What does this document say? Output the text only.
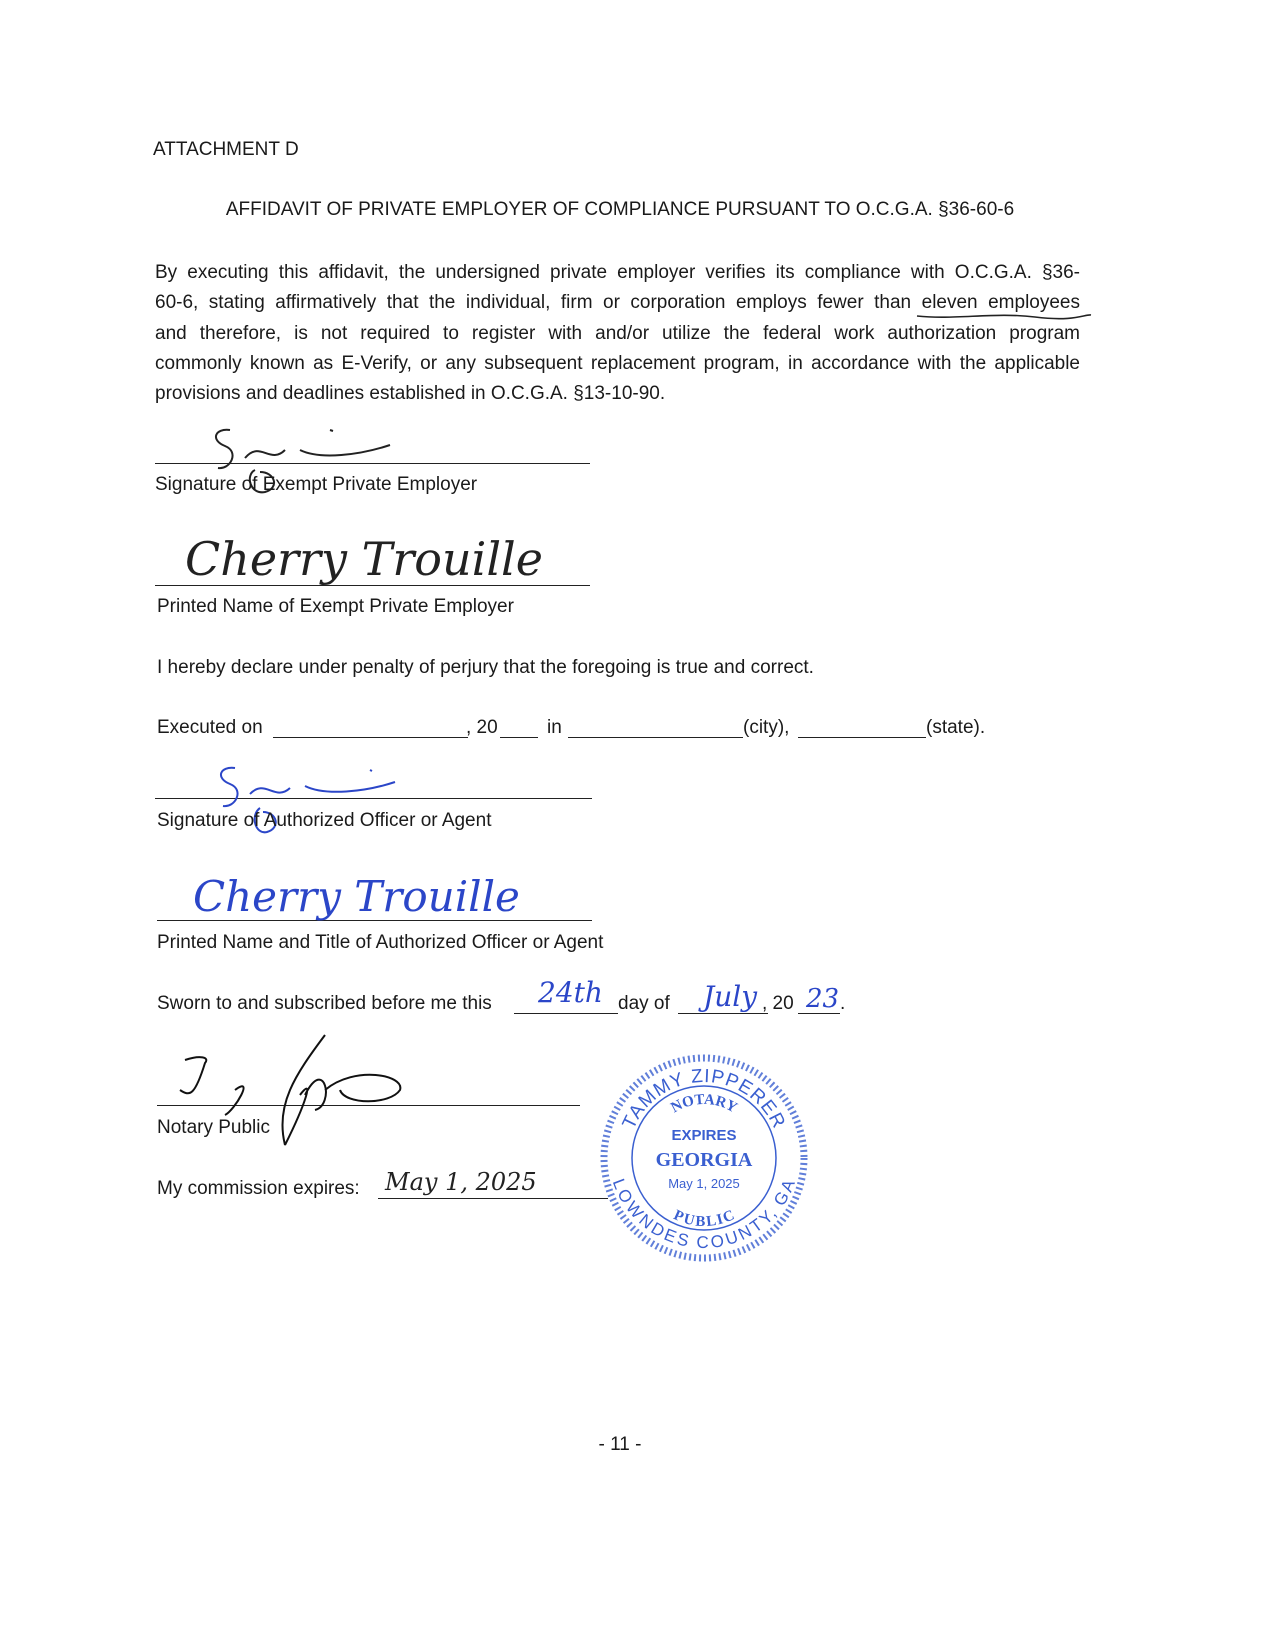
ATTACHMENT D
AFFIDAVIT OF PRIVATE EMPLOYER OF COMPLIANCE PURSUANT TO O.C.G.A. §36-60-6
By executing this affidavit, the undersigned private employer verifies its compliance with O.C.G.A. §36-
60-6, stating affirmatively that the individual, firm or corporation employs fewer than eleven employees
and therefore, is not required to register with and/or utilize the federal work authorization program
commonly known as E-Verify, or any subsequent replacement program, in accordance with the applicable
provisions and deadlines established in O.C.G.A. §13-10-90.
Signature of Exempt Private Employer
Cherry Trouille
Printed Name of Exempt Private Employer
I hereby declare under penalty of perjury that the foregoing is true and correct.
Executed on	, 20	in	(city),	(state).
Signature of Authorized Officer or Agent
Cherry Trouille
Printed Name and Title of Authorized Officer or Agent
Sworn to and subscribed before me this 24th day of July , 20 23 .
Notary Public
My commission expires: May 1, 2025
TAMMY ZIPPERER
LOWNDES COUNTY, GA
NOTARY
PUBLIC
EXPIRES
GEORGIA
May 1, 2025
- 11 -
